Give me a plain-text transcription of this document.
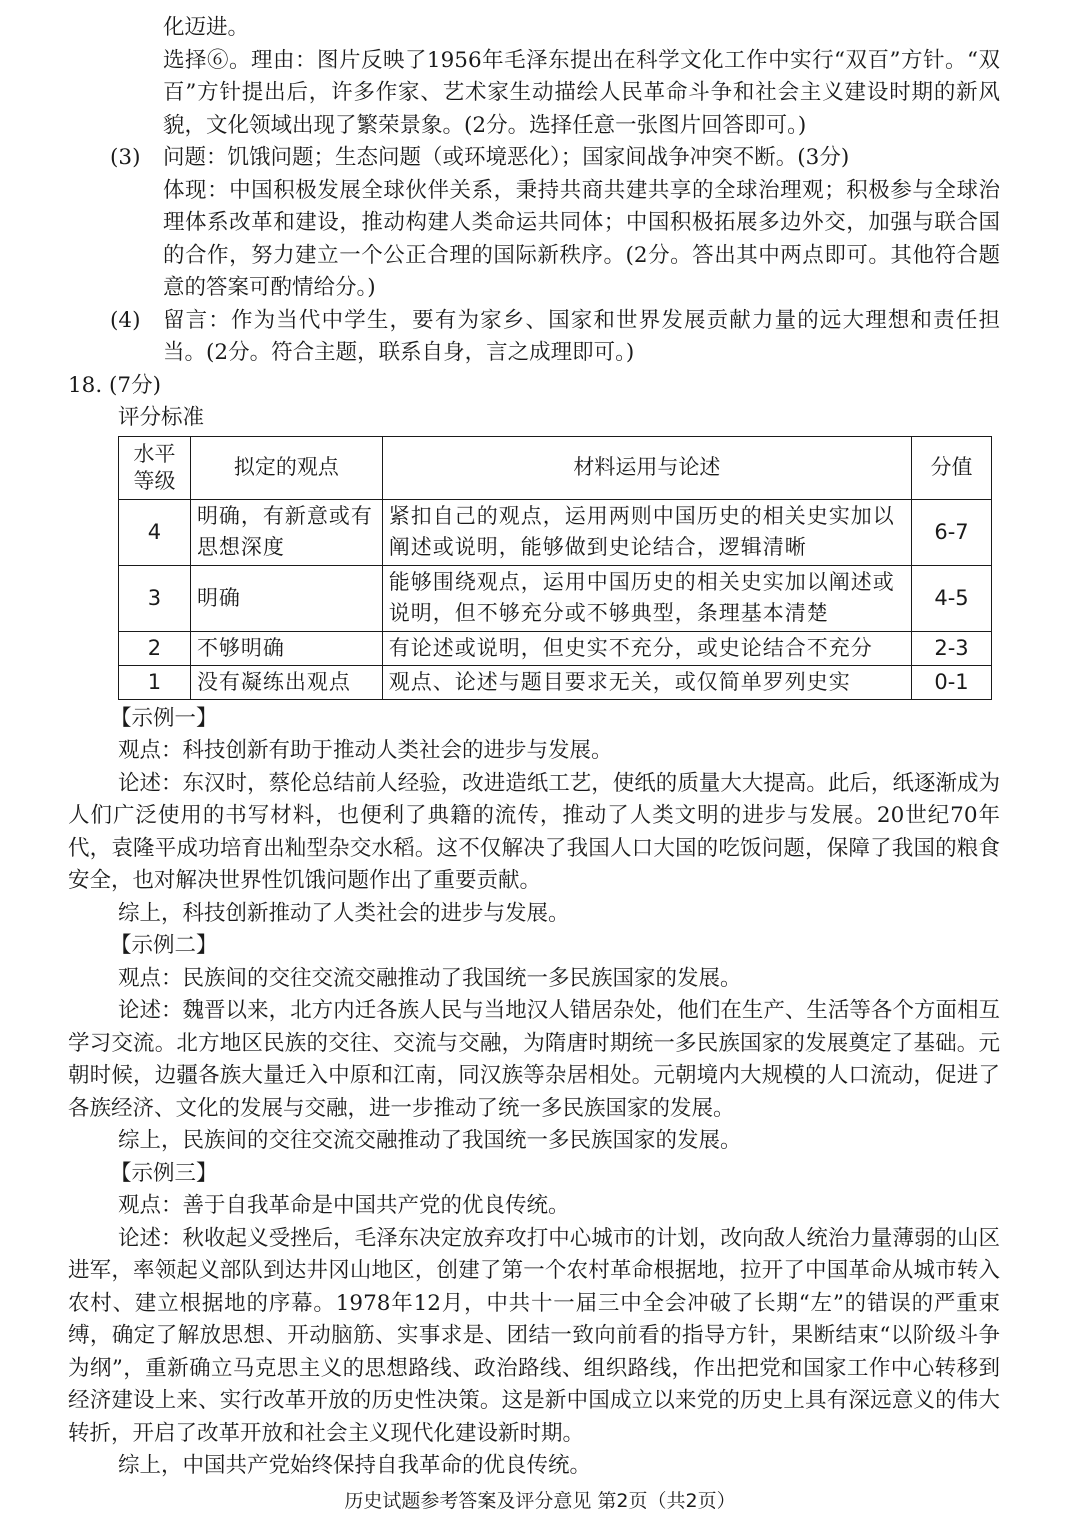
化迈进。

选择⑥。理由：图片反映了1956年毛泽东提出在科学文化工作中实行“双百”方针。“双百”方针提出后，许多作家、艺术家生动描绘人民革命斗争和社会主义建设时期的新风貌，文化领域出现了繁荣景象。(2分。选择任意一张图片回答即可。)

(3)	问题：饥饿问题；生态问题（或环境恶化）；国家间战争冲突不断。(3分)

体现：中国积极发展全球伙伴关系，秉持共商共建共享的全球治理观；积极参与全球治理体系改革和建设，推动构建人类命运共同体；中国积极拓展多边外交，加强与联合国的合作，努力建立一个公正合理的国际新秩序。(2分。答出其中两点即可。其他符合题意的答案可酌情给分。)

(4)	留言：作为当代中学生，要有为家乡、国家和世界发展贡献力量的远大理想和责任担当。(2分。符合主题，联系自身，言之成理即可。)

18. (7分)

评分标准

水平等级	拟定的观点	材料运用与论述	分值
4	明确，有新意或有思想深度	紧扣自己的观点，运用两则中国历史的相关史实加以阐述或说明，能够做到史论结合，逻辑清晰	6-7
3	明确	能够围绕观点，运用中国历史的相关史实加以阐述或说明，但不够充分或不够典型，条理基本清楚	4-5
2	不够明确	有论述或说明，但史实不充分，或史论结合不充分	2-3
1	没有凝练出观点	观点、论述与题目要求无关，或仅简单罗列史实	0-1

【示例一】

观点：科技创新有助于推动人类社会的进步与发展。

论述：东汉时，蔡伦总结前人经验，改进造纸工艺，使纸的质量大大提高。此后，纸逐渐成为人们广泛使用的书写材料，也便利了典籍的流传，推动了人类文明的进步与发展。20世纪70年代，袁隆平成功培育出籼型杂交水稻。这不仅解决了我国人口大国的吃饭问题，保障了我国的粮食安全，也对解决世界性饥饿问题作出了重要贡献。

综上，科技创新推动了人类社会的进步与发展。

【示例二】

观点：民族间的交往交流交融推动了我国统一多民族国家的发展。

论述：魏晋以来，北方内迁各族人民与当地汉人错居杂处，他们在生产、生活等各个方面相互学习交流。北方地区民族的交往、交流与交融，为隋唐时期统一多民族国家的发展奠定了基础。元朝时候，边疆各族大量迁入中原和江南，同汉族等杂居相处。元朝境内大规模的人口流动，促进了各族经济、文化的发展与交融，进一步推动了统一多民族国家的发展。

综上，民族间的交往交流交融推动了我国统一多民族国家的发展。

【示例三】

观点：善于自我革命是中国共产党的优良传统。

论述：秋收起义受挫后，毛泽东决定放弃攻打中心城市的计划，改向敌人统治力量薄弱的山区进军，率领起义部队到达井冈山地区，创建了第一个农村革命根据地，拉开了中国革命从城市转入农村、建立根据地的序幕。1978年12月，中共十一届三中全会冲破了长期“左”的错误的严重束缚，确定了解放思想、开动脑筋、实事求是、团结一致向前看的指导方针，果断结束“以阶级斗争为纲”，重新确立马克思主义的思想路线、政治路线、组织路线，作出把党和国家工作中心转移到经济建设上来、实行改革开放的历史性决策。这是新中国成立以来党的历史上具有深远意义的伟大转折，开启了改革开放和社会主义现代化建设新时期。

综上，中国共产党始终保持自我革命的优良传统。

历史试题参考答案及评分意见 第2页（共2页）
